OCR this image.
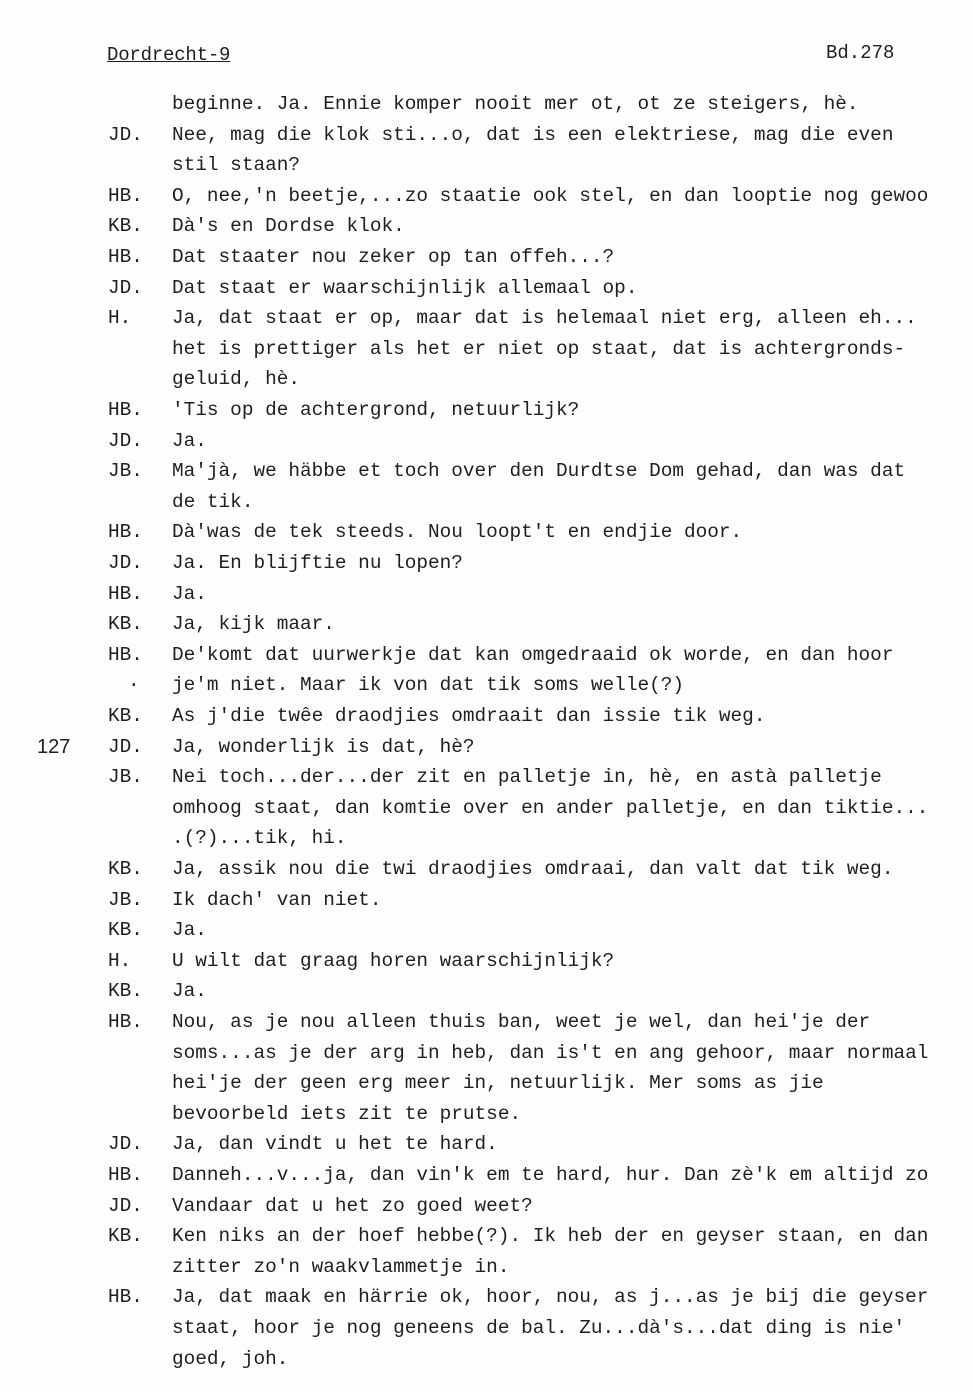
Dordrecht-9	Bd.278
127
beginne. Ja. Ennie komper nooit mer ot, ot ze steigers, hè.
JD. Nee, mag die klok sti...o, dat is een elektriese, mag die even
stil staan?
HB. O, nee,'n beetje,...zo staatie ook stel, en dan looptie nog gewoo
KB. Dà's en Dordse klok.
HB. Dat staater nou zeker op tan offeh...?
JD. Dat staat er waarschijnlijk allemaal op.
H. Ja, dat staat er op, maar dat is helemaal niet erg, alleen eh...
het is prettiger als het er niet op staat, dat is achtergronds-
geluid, hè.
HB. 'Tis op de achtergrond, netuurlijk?
JD. Ja.
JB. Ma'jà, we häbbe et toch over den Durdtse Dom gehad, dan was dat
de tik.
HB. Dà'was de tek steeds. Nou loopt't en endjie door.
JD. Ja. En blijftie nu lopen?
HB. Ja.
KB. Ja, kijk maar.
HB. De'komt dat uurwerkje dat kan omgedraaid ok worde, en dan hoor
· je'm niet. Maar ik von dat tik soms welle(?)
KB. As j'die twêe draodjies omdraait dan issie tik weg.
JD. Ja, wonderlijk is dat, hè?
JB. Nei toch...der...der zit en palletje in, hè, en astà palletje
omhoog staat, dan komtie over en ander palletje, en dan tiktie...
.(?)...tik, hi.
KB. Ja, assik nou die twi draodjies omdraai, dan valt dat tik weg.
JB. Ik dach' van niet.
KB. Ja.
H. U wilt dat graag horen waarschijnlijk?
KB. Ja.
HB. Nou, as je nou alleen thuis ban, weet je wel, dan hei'je der
soms...as je der arg in heb, dan is't en ang gehoor, maar normaal
hei'je der geen erg meer in, netuurlijk. Mer soms as jie
bevoorbeld iets zit te prutse.
JD. Ja, dan vindt u het te hard.
HB. Danneh...v...ja, dan vin'k em te hard, hur. Dan zè'k em altijd zo
JD. Vandaar dat u het zo goed weet?
KB. Ken niks an der hoef hebbe(?). Ik heb der en geyser staan, en dan
zitter zo'n waakvlammetje in.
HB. Ja, dat maak en härrie ok, hoor, nou, as j...as je bij die geyser
staat, hoor je nog geneens de bal. Zu...dà's...dat ding is nie'
goed, joh.
